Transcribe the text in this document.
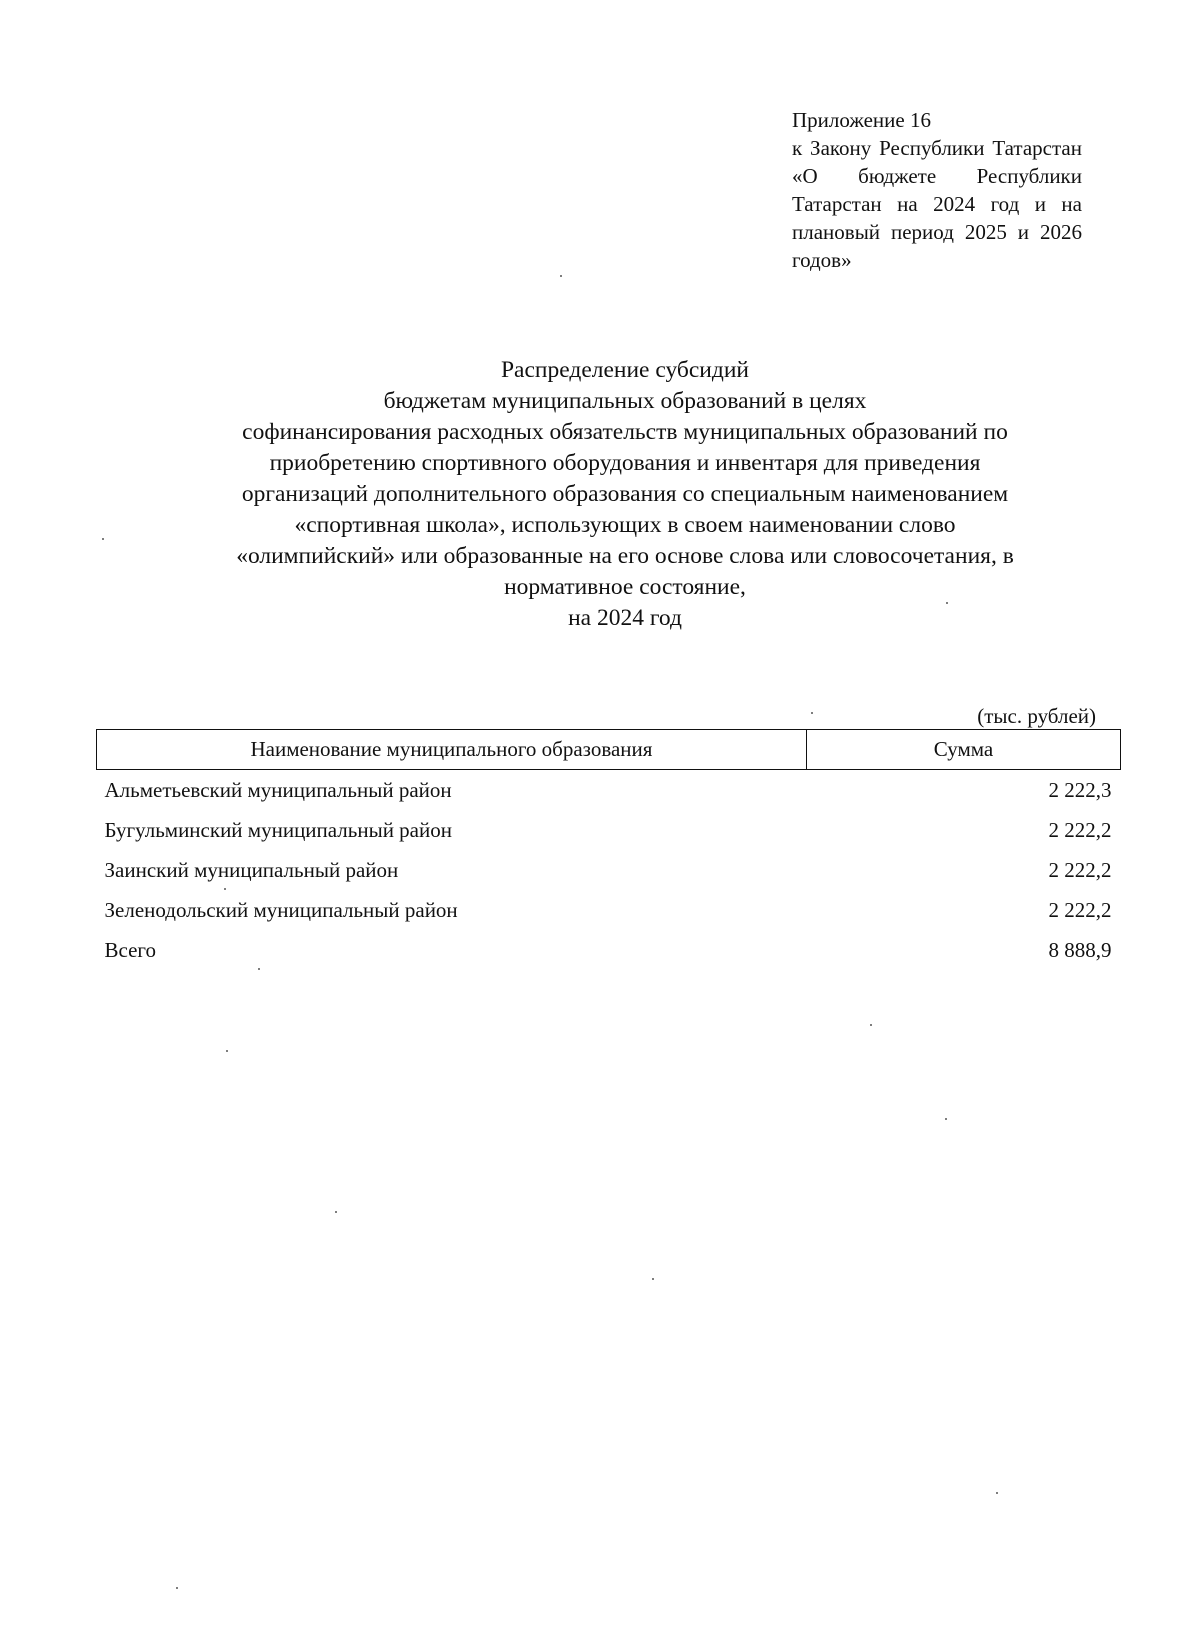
Приложение 16
к Закону Республики Татарстан «О бюджете Республики Татарстан на 2024 год и на плановый период 2025 и 2026 годов»
Распределение субсидий
бюджетам муниципальных образований в целях
софинансирования расходных обязательств муниципальных образований по
приобретению спортивного оборудования и инвентаря для приведения
организаций дополнительного образования со специальным наименованием
«спортивная школа», использующих в своем наименовании слово
«олимпийский» или образованные на его основе слова или словосочетания, в
нормативное состояние,
на 2024 год
(тыс. рублей)
Наименование муниципального образования	Сумма
Альметьевский муниципальный район	2 222,3
Бугульминский муниципальный район	2 222,2
Заинский муниципальный район	2 222,2
Зеленодольский муниципальный район	2 222,2
Всего	8 888,9
